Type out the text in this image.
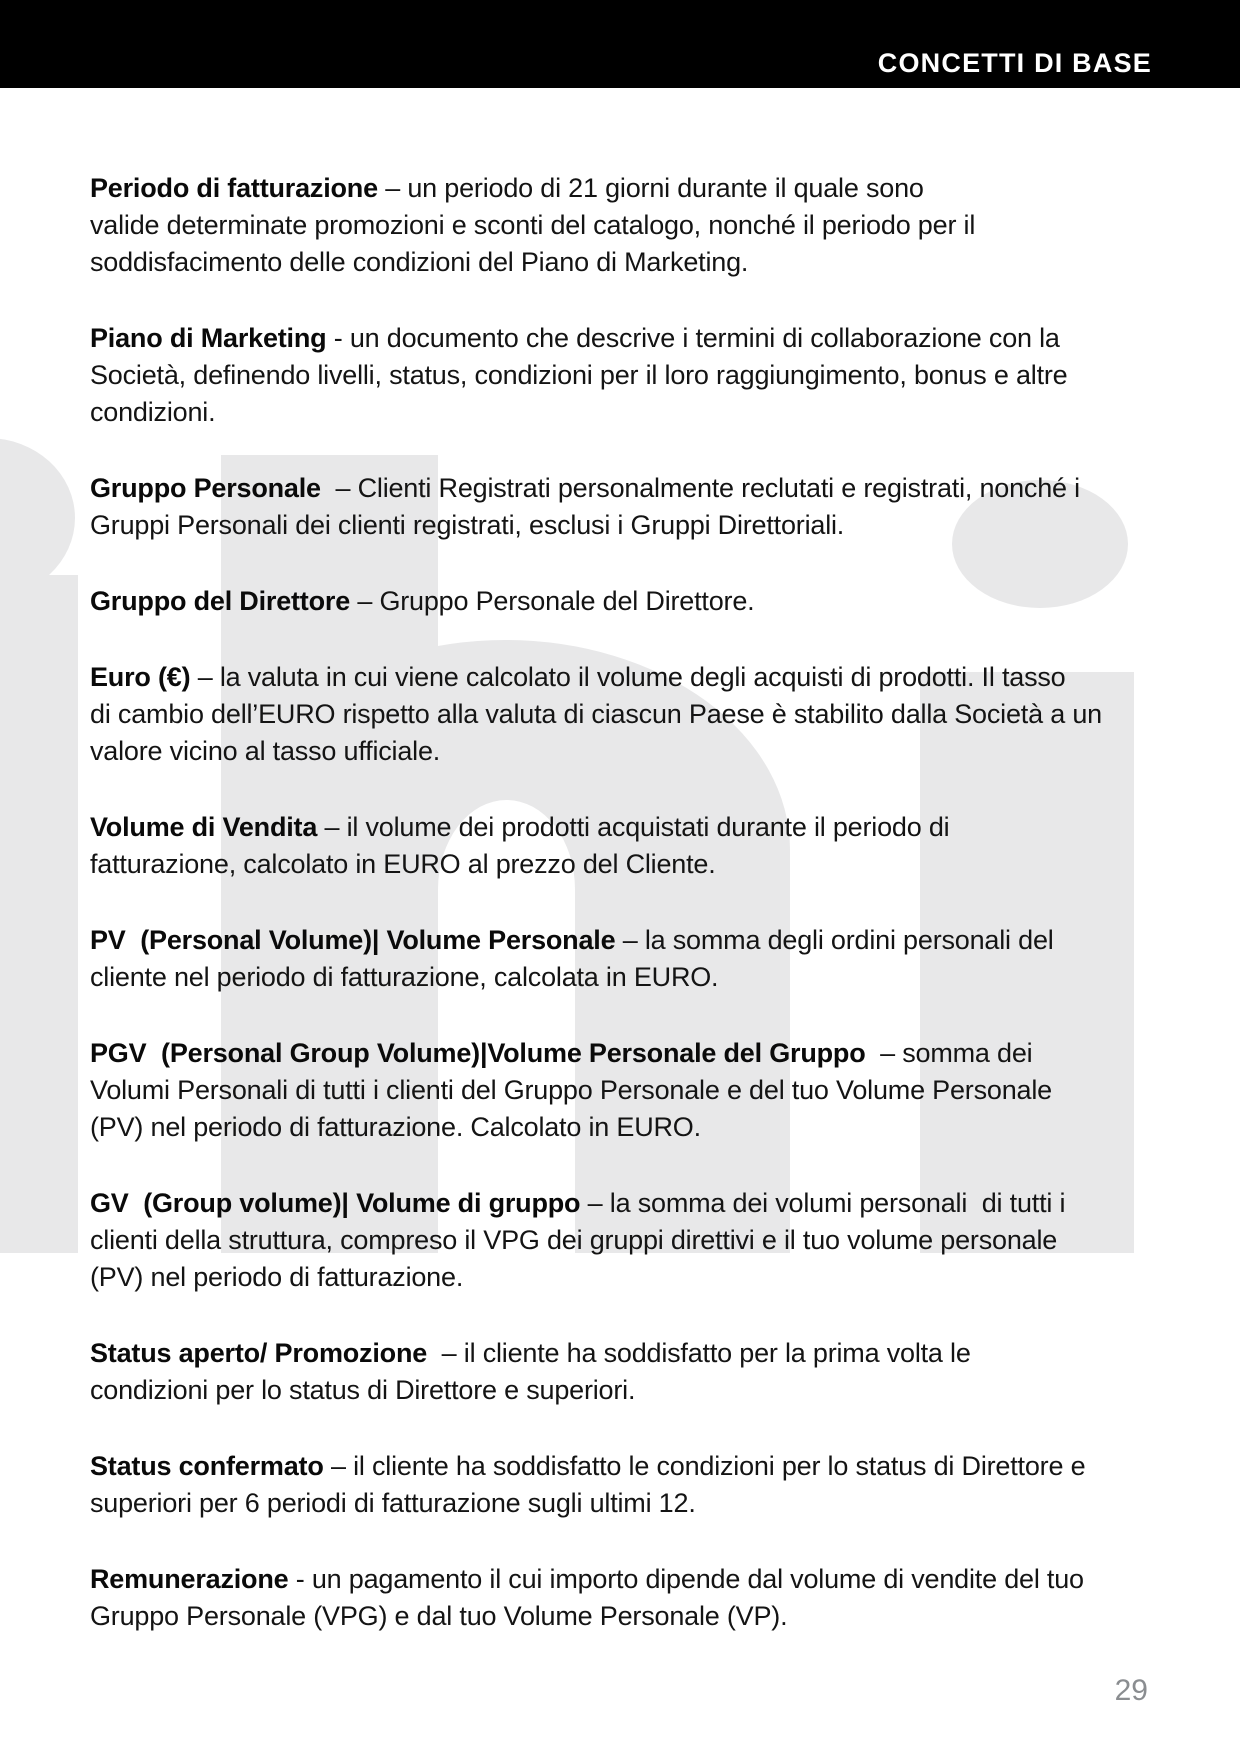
CONCETTI DI BASE

Periodo di fatturazione – un periodo di 21 giorni durante il quale sono
valide determinate promozioni e sconti del catalogo, nonché il periodo per il
soddisfacimento delle condizioni del Piano di Marketing.

Piano di Marketing - un documento che descrive i termini di collaborazione con la
Società, definendo livelli, status, condizioni per il loro raggiungimento, bonus e altre
condizioni.

Gruppo Personale  – Clienti Registrati personalmente reclutati e registrati, nonché i
Gruppi Personali dei clienti registrati, esclusi i Gruppi Direttoriali.

Gruppo del Direttore – Gruppo Personale del Direttore.

Euro (€) – la valuta in cui viene calcolato il volume degli acquisti di prodotti. Il tasso
di cambio dell’EURO rispetto alla valuta di ciascun Paese è stabilito dalla Società a un
valore vicino al tasso ufficiale.

Volume di Vendita – il volume dei prodotti acquistati durante il periodo di
fatturazione, calcolato in EURO al prezzo del Cliente.

PV  (Personal Volume)| Volume Personale – la somma degli ordini personali del
cliente nel periodo di fatturazione, calcolata in EURO.

PGV  (Personal Group Volume)|Volume Personale del Gruppo  – somma dei
Volumi Personali di tutti i clienti del Gruppo Personale e del tuo Volume Personale
(PV) nel periodo di fatturazione. Calcolato in EURO.

GV  (Group volume)| Volume di gruppo – la somma dei volumi personali  di tutti i
clienti della struttura, compreso il VPG dei gruppi direttivi e il tuo volume personale
(PV) nel periodo di fatturazione.

Status aperto/ Promozione  – il cliente ha soddisfatto per la prima volta le
condizioni per lo status di Direttore e superiori.

Status confermato – il cliente ha soddisfatto le condizioni per lo status di Direttore e
superiori per 6 periodi di fatturazione sugli ultimi 12.

Remunerazione - un pagamento il cui importo dipende dal volume di vendite del tuo
Gruppo Personale (VPG) e dal tuo Volume Personale (VP).

29
